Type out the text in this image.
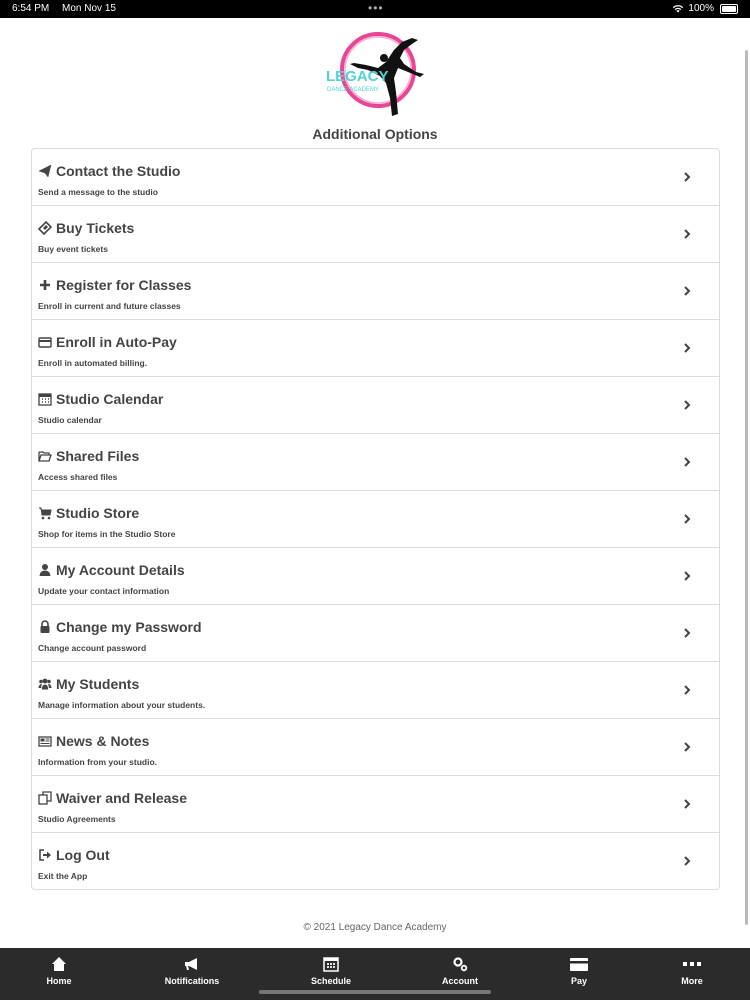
6:54 PM Mon Nov 15	•••	100%
LEGACY
DANCE ACADEMY
Additional Options
Contact the Studio
Send a message to the studio
Buy Tickets
Buy event tickets
Register for Classes
Enroll in current and future classes
Enroll in Auto-Pay
Enroll in automated billing.
Studio Calendar
Studio calendar
Shared Files
Access shared files
Studio Store
Shop for items in the Studio Store
My Account Details
Update your contact information
Change my Password
Change account password
My Students
Manage information about your students.
News & Notes
Information from your studio.
Waiver and Release
Studio Agreements
Log Out
Exit the App
© 2021 Legacy Dance Academy
Home	Notifications	Schedule	Account	Pay	More
